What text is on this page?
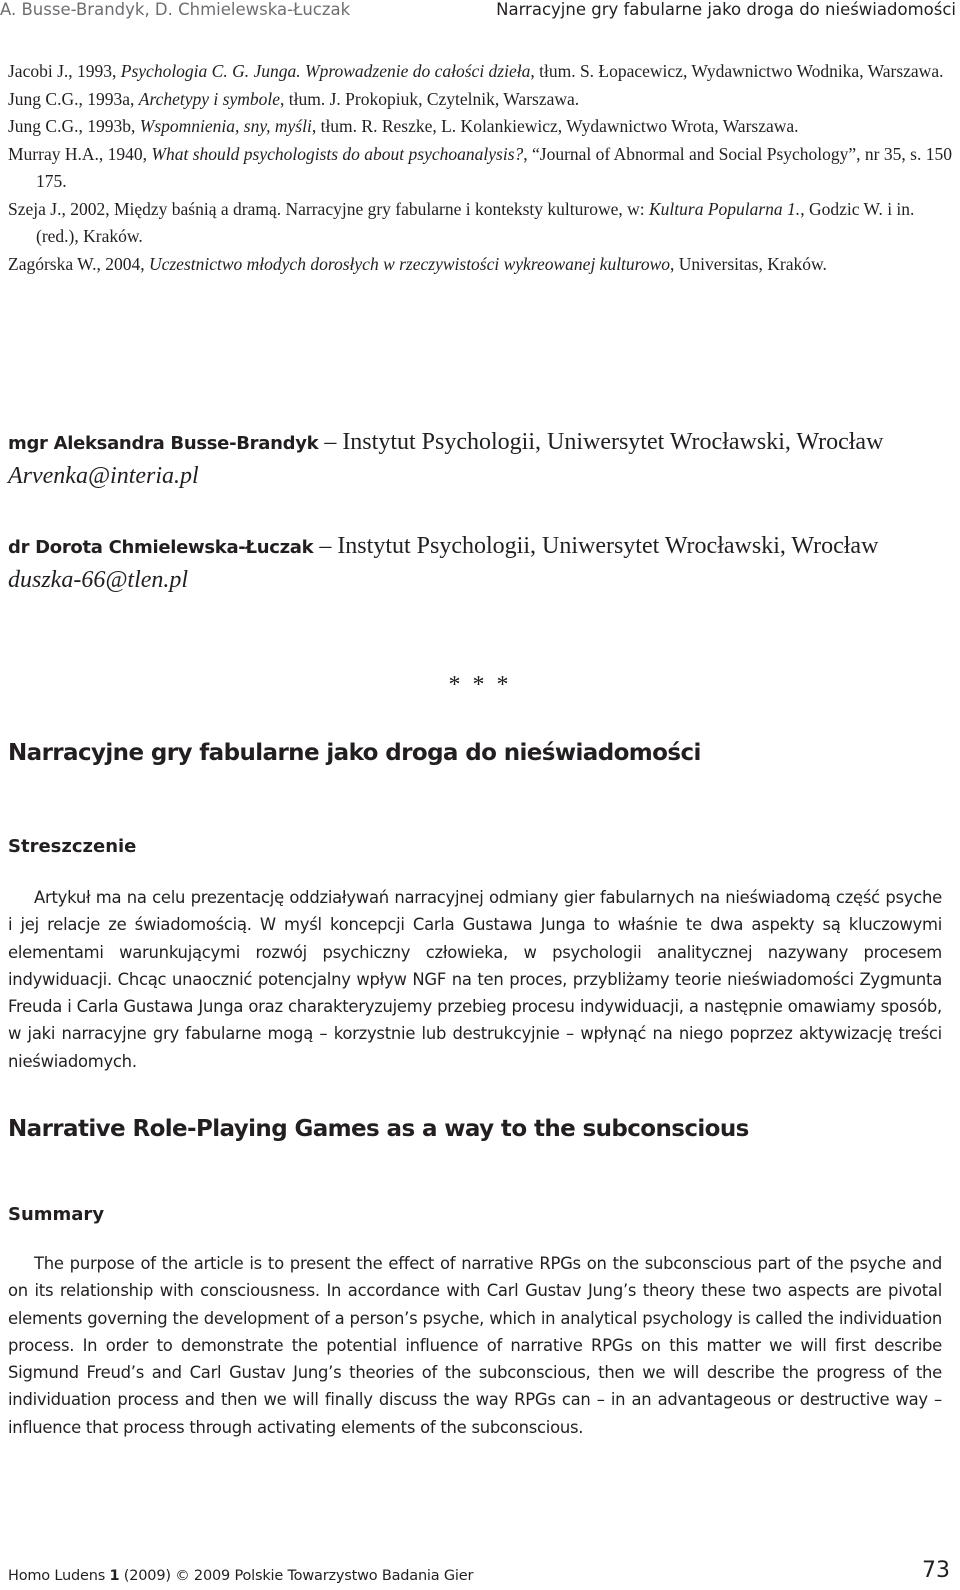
A. Busse-Brandyk, D. Chmielewska-Łuczak	Narracyjne gry fabularne jako droga do nieświadomości
Jacobi J., 1993, Psychologia C. G. Junga. Wprowadzenie do całości dzieła, tłum. S. Łopacewicz, Wydawnictwo Wodnika, Warszawa.
Jung C.G., 1993a, Archetypy i symbole, tłum. J. Prokopiuk, Czytelnik, Warszawa.
Jung C.G., 1993b, Wspomnienia, sny, myśli, tłum. R. Reszke, L. Kolankiewicz, Wydawnictwo Wrota, Warszawa.
Murray H.A., 1940, What should psychologists do about psychoanalysis?, “Journal of Abnormal and Social Psychology”, nr 35, s. 150 175.
Szeja J., 2002, Między baśnią a dramą. Narracyjne gry fabularne i konteksty kulturowe, w: Kultura Popularna 1., Godzic W. i in. (red.), Kraków.
Zagórska W., 2004, Uczestnictwo młodych dorosłych w rzeczywistości wykreowanej kulturowo, Universitas, Kraków.
mgr Aleksandra Busse-Brandyk – Instytut Psychologii, Uniwersytet Wrocławski, Wrocław
Arvenka@interia.pl
dr Dorota Chmielewska-Łuczak – Instytut Psychologii, Uniwersytet Wrocławski, Wrocław
duszka-66@tlen.pl
* * *
Narracyjne gry fabularne jako droga do nieświadomości
Streszczenie

Artykuł ma na celu prezentację oddziaływań narracyjnej odmiany gier fabularnych na nieświadomą część psyche i jej relacje ze świadomością. W myśl koncepcji Carla Gustawa Junga to właśnie te dwa aspekty są kluczowymi elementami warunkującymi rozwój psychiczny człowieka, w psychologii analitycznej nazywany procesem indywiduacji. Chcąc unaocznić potencjalny wpływ NGF na ten proces, przybliżamy teorie nieświadomości Zygmunta Freuda i Carla Gustawa Junga oraz charakteryzujemy przebieg procesu indywiduacji, a następnie omawiamy sposób, w jaki narracyjne gry fabularne mogą – korzystnie lub destrukcyjnie – wpłynąć na niego poprzez aktywizację treści nieświadomych.

Narrative Role-Playing Games as a way to the subconscious
Summary

The purpose of the article is to present the effect of narrative RPGs on the subconscious part of the psyche and on its relationship with consciousness. In accordance with Carl Gustav Jung’s theory these two aspects are pivotal elements governing the development of a person’s psyche, which in analytical psychology is called the individuation process. In order to demonstrate the potential influence of narrative RPGs on this matter we will first describe Sigmund Freud’s and Carl Gustav Jung’s theories of the subconscious, then we will describe the progress of the individuation process and then we will finally discuss the way RPGs can – in an advantageous or destructive way – influence that process through activating elements of the subconscious.

Homo Ludens 1 (2009) © 2009 Polskie Towarzystwo Badania Gier	73
